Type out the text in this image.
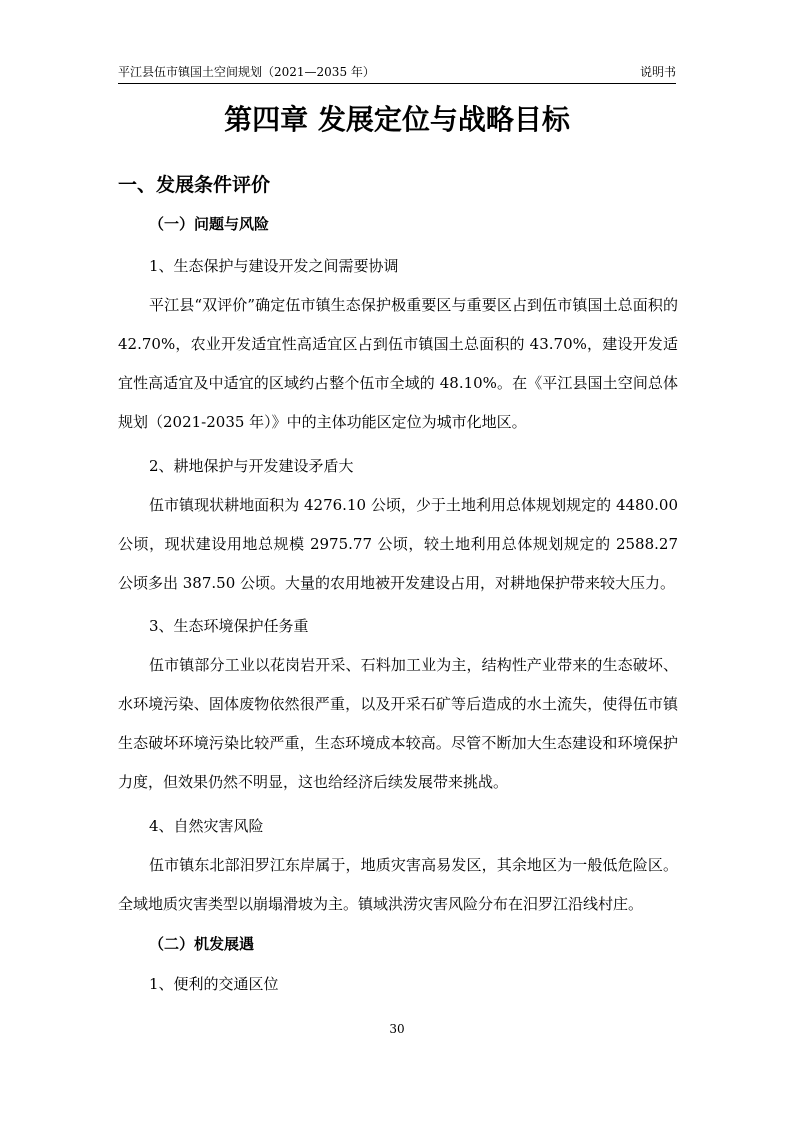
平江县伍市镇国土空间规划（2021—2035 年）	说明书
第四章 发展定位与战略目标
一、发展条件评价
（一）问题与风险
1、生态保护与建设开发之间需要协调

平江县“双评价”确定伍市镇生态保护极重要区与重要区占到伍市镇国土总面积的 42.70%，农业开发适宜性高适宜区占到伍市镇国土总面积的 43.70%，建设开发适宜性高适宜及中适宜的区域约占整个伍市全域的 48.10%。在《平江县国土空间总体规划（2021-2035 年）》中的主体功能区定位为城市化地区。

2、耕地保护与开发建设矛盾大

伍市镇现状耕地面积为 4276.10 公顷，少于土地利用总体规划规定的 4480.00 公顷，现状建设用地总规模 2975.77 公顷，较土地利用总体规划规定的 2588.27 公顷多出 387.50 公顷。大量的农用地被开发建设占用，对耕地保护带来较大压力。

3、生态环境保护任务重

伍市镇部分工业以花岗岩开采、石料加工业为主，结构性产业带来的生态破坏、水环境污染、固体废物依然很严重，以及开采石矿等后造成的水土流失，使得伍市镇生态破坏环境污染比较严重，生态环境成本较高。尽管不断加大生态建设和环境保护力度，但效果仍然不明显，这也给经济后续发展带来挑战。

4、自然灾害风险

伍市镇东北部汨罗江东岸属于，地质灾害高易发区，其余地区为一般低危险区。全域地质灾害类型以崩塌滑坡为主。镇域洪涝灾害风险分布在汨罗江沿线村庄。

（二）机发展遇
1、便利的交通区位
30
